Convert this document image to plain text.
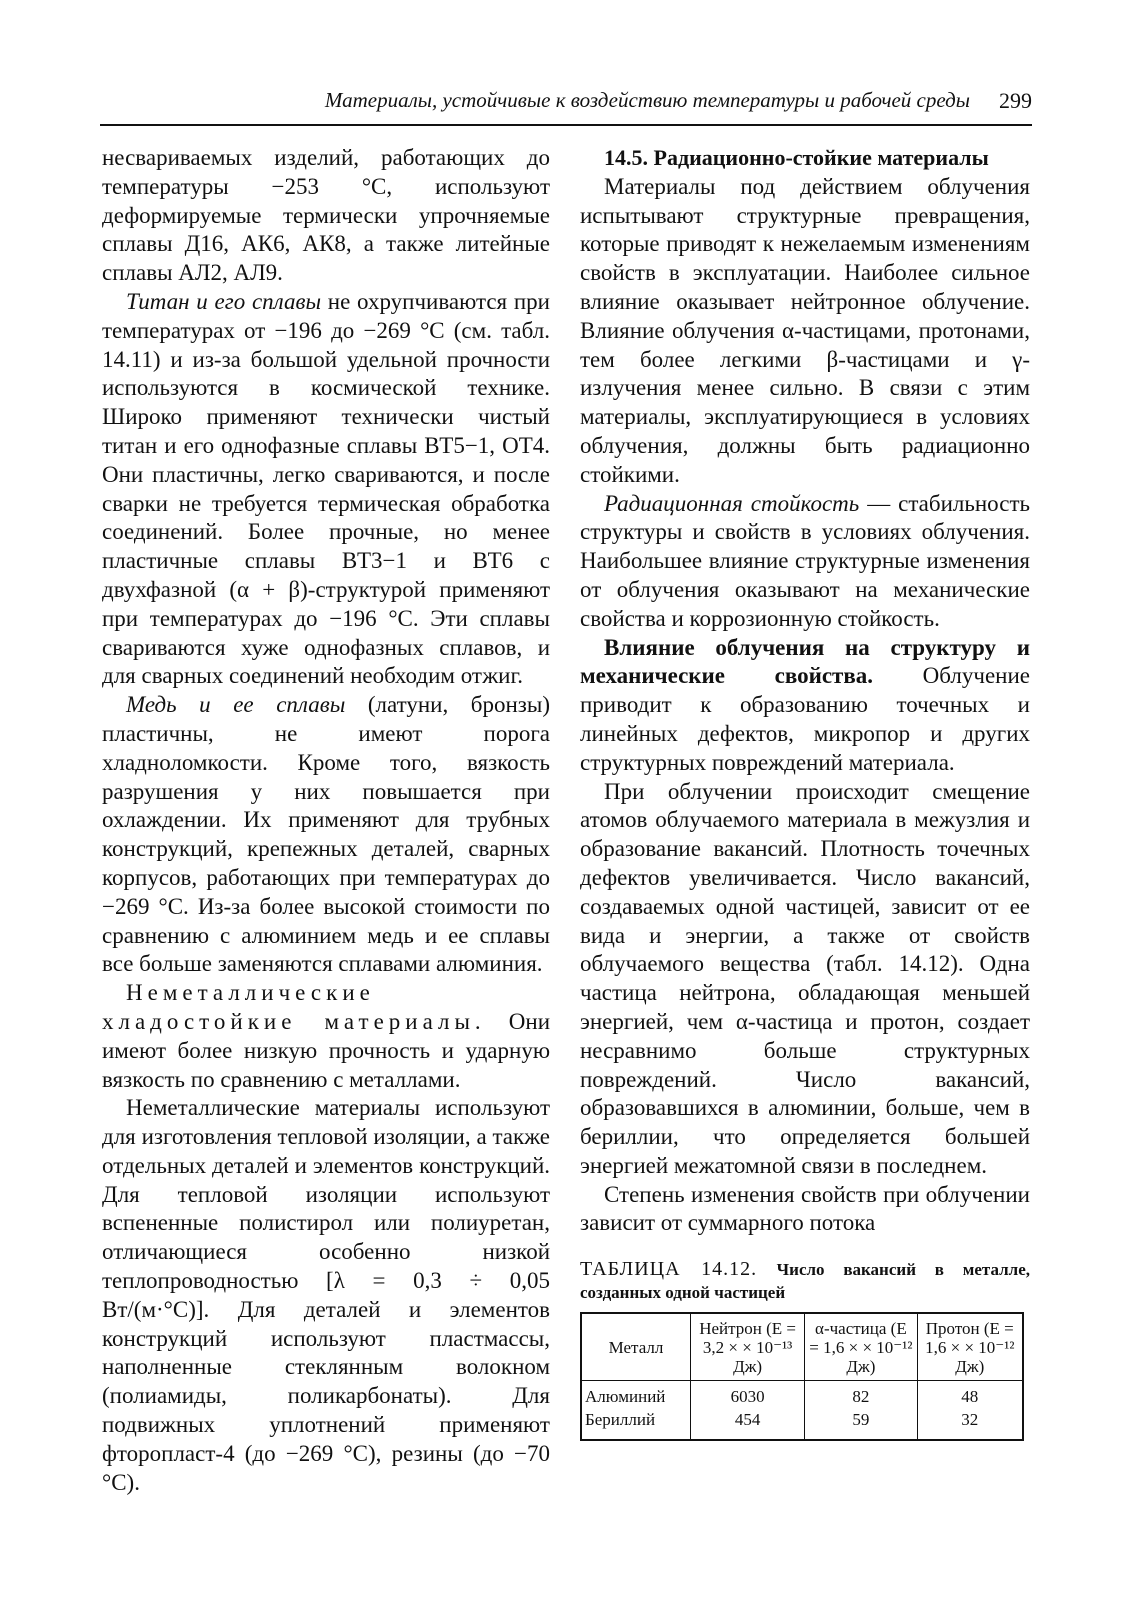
Материалы, устойчивые к воздействию температуры и рабочей среды 299

несвариваемых изделий, работающих до температуры −253 °С, используют деформируемые термически упрочняемые сплавы Д16, АК6, АК8, а также литейные сплавы АЛ2, АЛ9.

Титан и его сплавы не охрупчиваются при температурах от −196 до −269 °С (см. табл. 14.11) и из-за большой удельной прочности используются в космической технике. Широко применяют технически чистый титан и его однофазные сплавы ВТ5−1, ОТ4. Они пластичны, легко свариваются, и после сварки не требуется термическая обработка соединений. Более прочные, но менее пластичные сплавы ВТ3−1 и ВТ6 с двухфазной (α + β)-структурой применяют при температурах до −196 °С. Эти сплавы свариваются хуже однофазных сплавов, и для сварных соединений необходим отжиг.

Медь и ее сплавы (латуни, бронзы) пластичны, не имеют порога хладноломкости. Кроме того, вязкость разрушения у них повышается при охлаждении. Их применяют для трубных конструкций, крепежных деталей, сварных корпусов, работающих при температурах до −269 °С. Из-за более высокой стоимости по сравнению с алюминием медь и ее сплавы все больше заменяются сплавами алюминия.

Неметаллические хладостойкие материалы. Они имеют более низкую прочность и ударную вязкость по сравнению с металлами.

Неметаллические материалы используют для изготовления тепловой изоляции, а также отдельных деталей и элементов конструкций. Для тепловой изоляции используют вспененные полистирол или полиуретан, отличающиеся особенно низкой теплопроводностью [λ = 0,3 ÷ 0,05 Вт/(м·°С)]. Для деталей и элементов конструкций используют пластмассы, наполненные стеклянным волокном (полиамиды, поликарбонаты). Для подвижных уплотнений применяют фторопласт-4 (до −269 °С), резины (до −70 °С).

14.5. Радиационно-стойкие материалы

Материалы под действием облучения испытывают структурные превращения, которые приводят к нежелаемым изменениям свойств в эксплуатации. Наиболее сильное влияние оказывает нейтронное облучение. Влияние облучения α-частицами, протонами, тем более легкими β-частицами и γ-излучения менее сильно. В связи с этим материалы, эксплуатирующиеся в условиях облучения, должны быть радиационно стойкими.

Радиационная стойкость — стабильность структуры и свойств в условиях облучения. Наибольшее влияние структурные изменения от облучения оказывают на механические свойства и коррозионную стойкость.

Влияние облучения на структуру и механические свойства. Облучение приводит к образованию точечных и линейных дефектов, микропор и других структурных повреждений материала.

При облучении происходит смещение атомов облучаемого материала в межузлия и образование вакансий. Плотность точечных дефектов увеличивается. Число вакансий, создаваемых одной частицей, зависит от ее вида и энергии, а также от свойств облучаемого вещества (табл. 14.12). Одна частица нейтрона, обладающая меньшей энергией, чем α-частица и протон, создает несравнимо больше структурных повреждений. Число вакансий, образовавшихся в алюминии, больше, чем в бериллии, что определяется большей энергией межатомной связи в последнем.

Степень изменения свойств при облучении зависит от суммарного потока

ТАБЛИЦА 14.12. Число вакансий в металле, созданных одной частицей
Металл	Нейтрон (E = 3,2 × × 10⁻¹³ Дж)	α-частица (E = 1,6 × × 10⁻¹² Дж)	Протон (E = 1,6 × × 10⁻¹² Дж)
Алюминий	6030	82	48
Бериллий	454	59	32
